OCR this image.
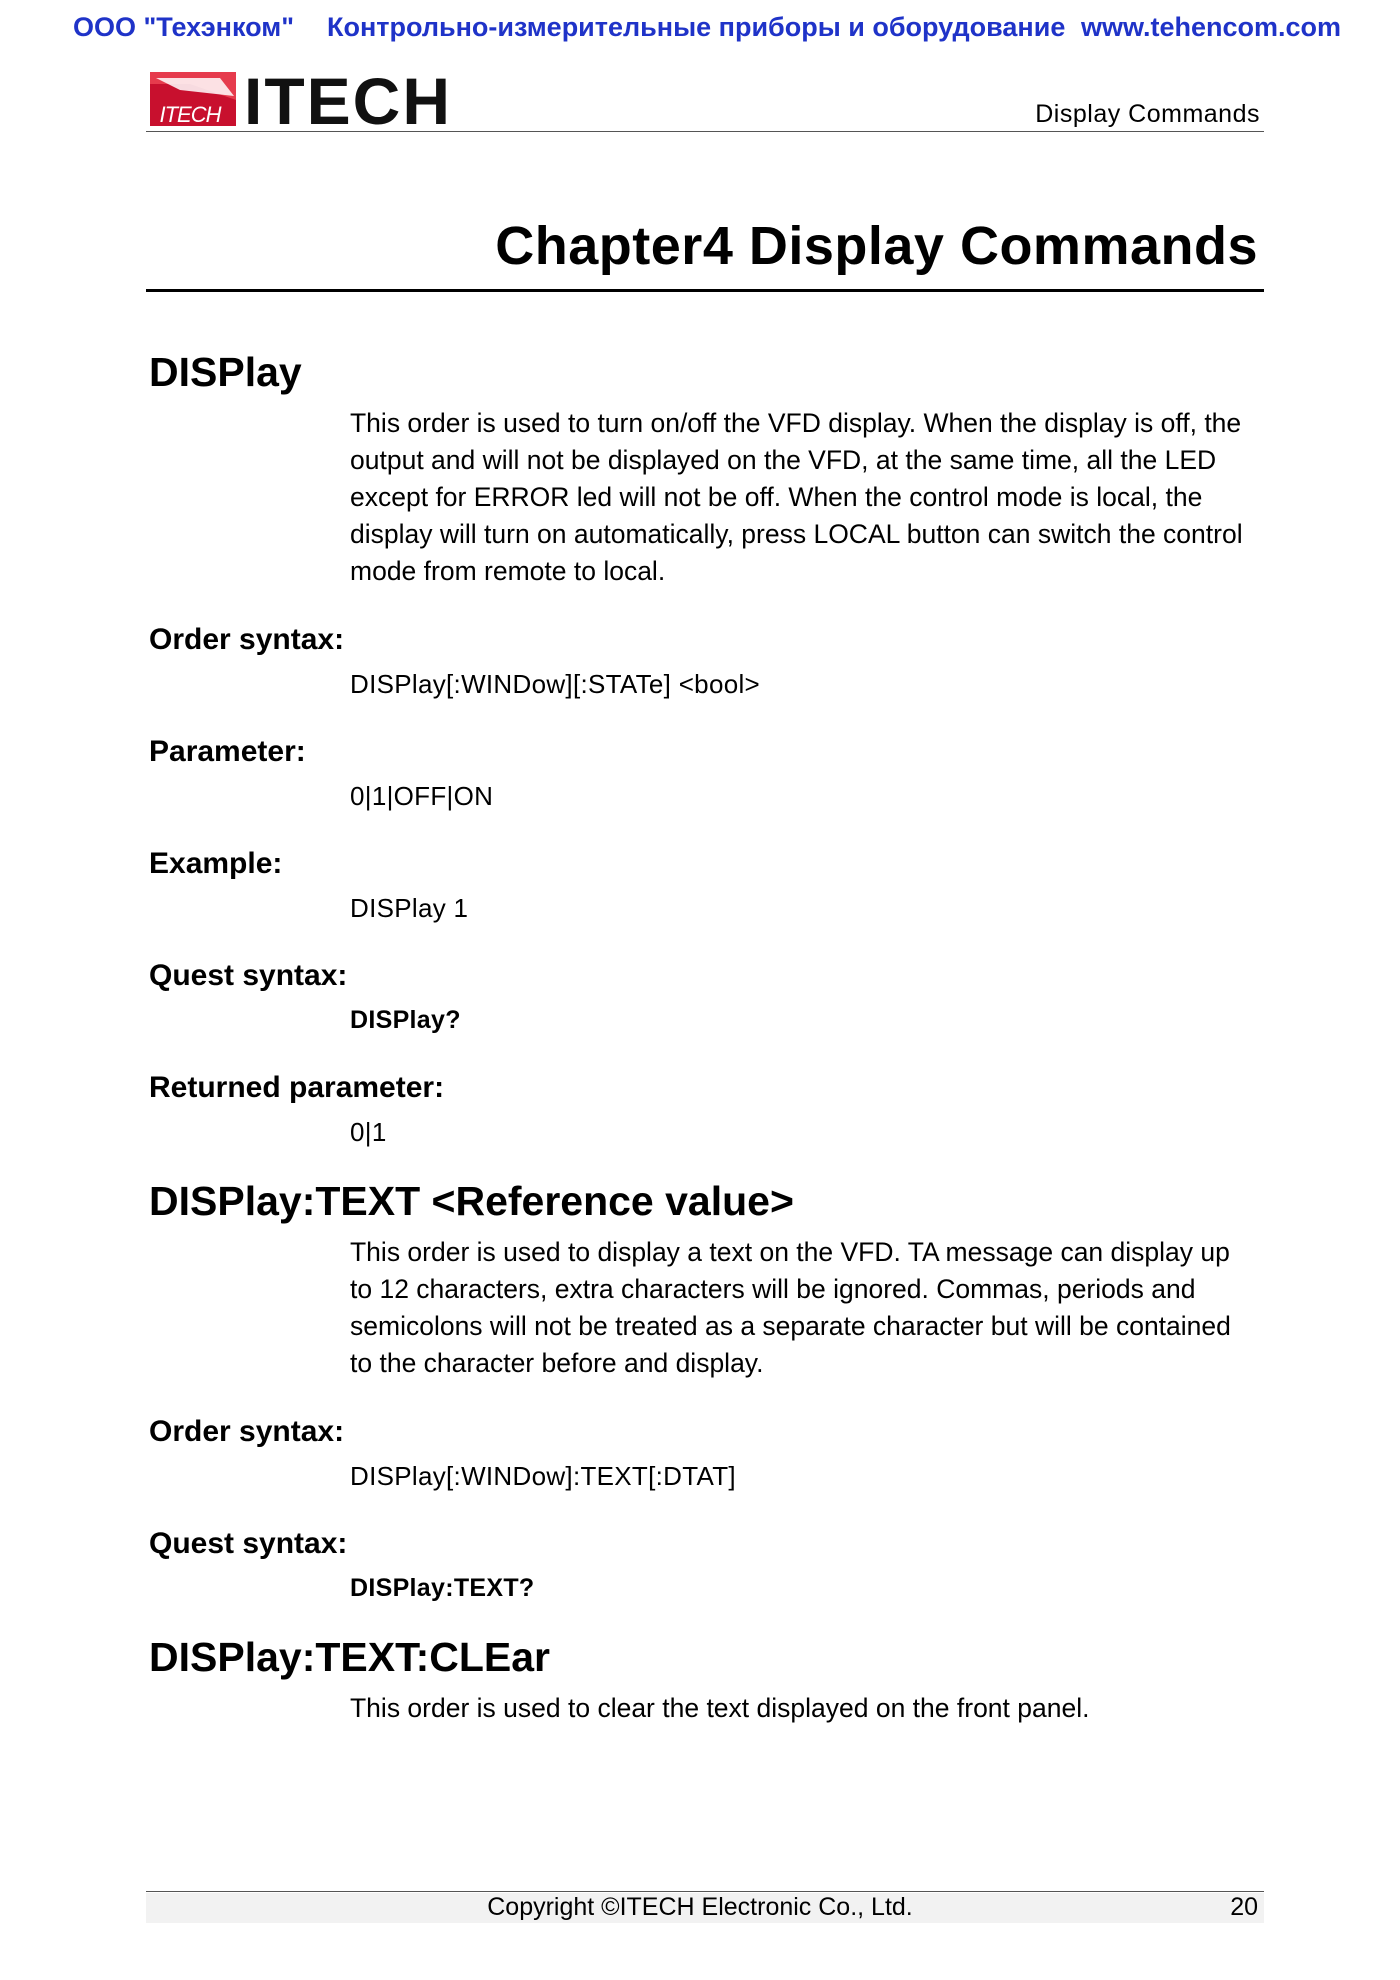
ООО "Техэнком" Контрольно-измерительные приборы и оборудование www.tehencom.com
ITECH ITECH	Display Commands
Chapter4 Display Commands
DISPlay

This order is used to turn on/off the VFD display. When the display is off, the output and will not be displayed on the VFD, at the same time, all the LED except for ERROR led will not be off. When the control mode is local, the display will turn on automatically, press LOCAL button can switch the control mode from remote to local.

Order syntax:
DISPlay[:WINDow][:STATe] <bool>
Parameter:
0|1|OFF|ON
Example:
DISPlay 1
Quest syntax:
DISPlay?
Returned parameter:
0|1
DISPlay:TEXT <Reference value>

This order is used to display a text on the VFD. TA message can display up to 12 characters, extra characters will be ignored. Commas, periods and semicolons will not be treated as a separate character but will be contained to the character before and display.

Order syntax:
DISPlay[:WINDow]:TEXT[:DTAT]
Quest syntax:
DISPlay:TEXT?
DISPlay:TEXT:CLEar

This order is used to clear the text displayed on the front panel.

Copyright ©ITECH Electronic Co., Ltd.	20
